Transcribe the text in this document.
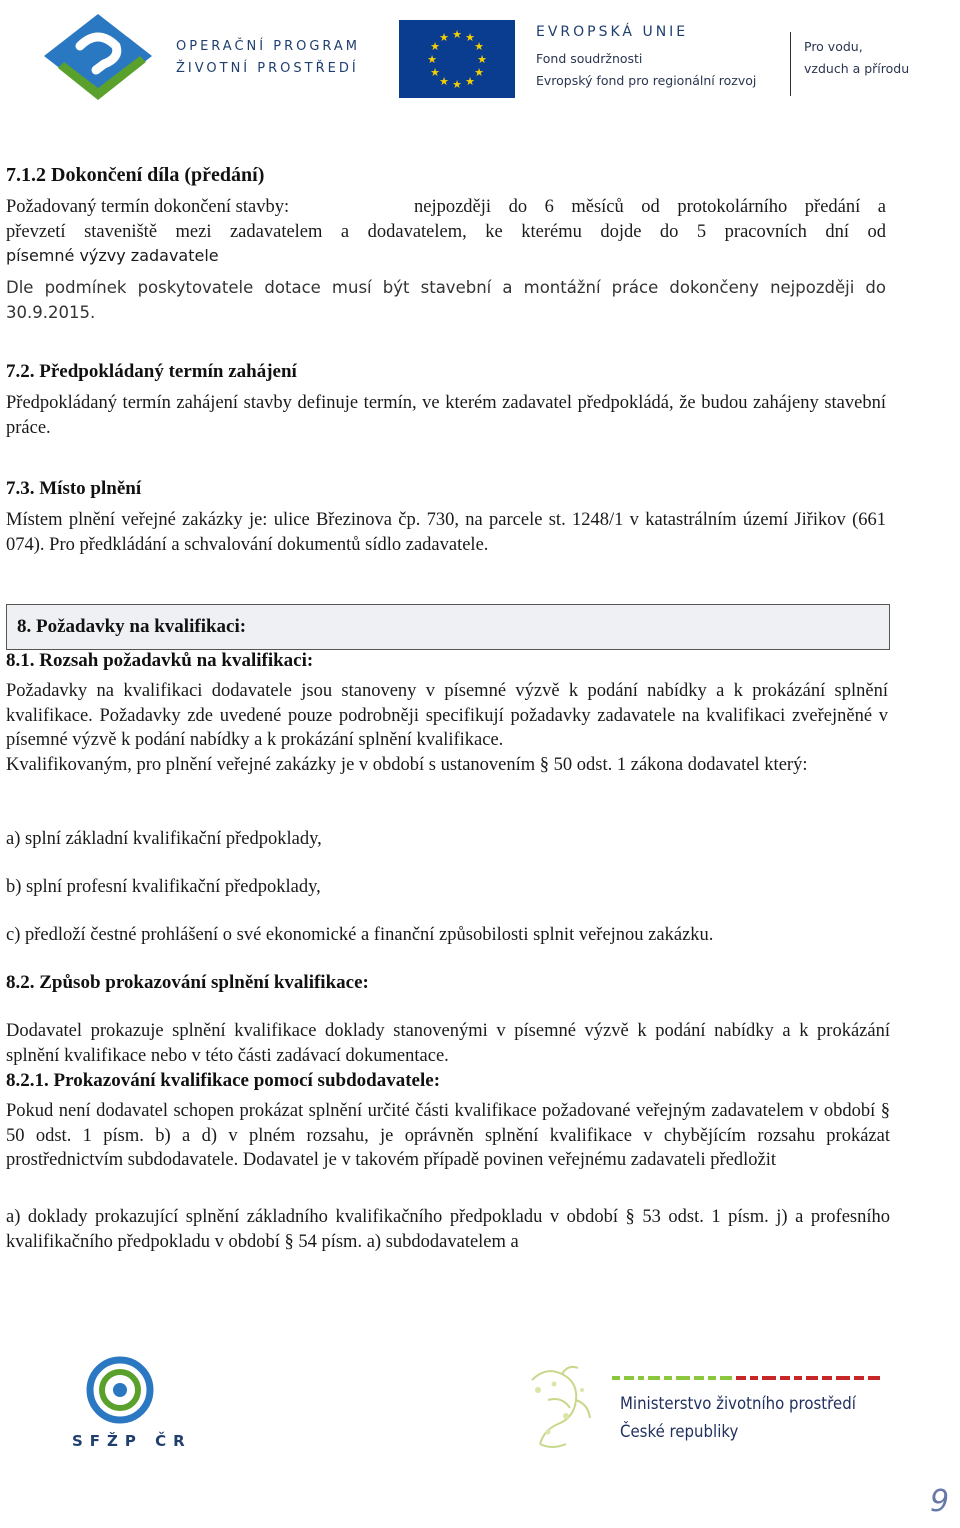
OPERAČNÍ PROGRAM
ŽIVOTNÍ PROSTŘEDÍ
★ ★
★
★
★
★
★
★
★
★
★
★	EVROPSKÁ UNIE
Fond soudržnosti
Evropský fond pro regionální rozvoj
Pro vodu,
vzduch a přírodu
7.1.2 Dokončení díla (předání)
Požadovaný termín dokončení stavby:	nejpozději do 6 měsíců od protokolárního předání a
převzetí staveniště mezi zadavatelem a dodavatelem, ke kterému dojde do 5 pracovních dní od
písemné výzvy zadavatele
Dle podmínek poskytovatele dotace musí být stavební a montážní práce dokončeny nejpozději do 30.9.2015.
7.2. Předpokládaný termín zahájení
Předpokládaný termín zahájení stavby definuje termín, ve kterém zadavatel předpokládá, že budou zahájeny stavební práce.
7.3. Místo plnění
Místem plnění veřejné zakázky je: ulice Březinova čp. 730, na parcele st. 1248/1 v katastrálním území Jiřikov (661 074). Pro předkládání a schvalování dokumentů sídlo zadavatele.
8. Požadavky na kvalifikaci:
8.1. Rozsah požadavků na kvalifikaci:
Požadavky na kvalifikaci dodavatele jsou stanoveny v písemné výzvě k podání nabídky a k prokázání splnění kvalifikace. Požadavky zde uvedené pouze podrobněji specifikují požadavky zadavatele na kvalifikaci zveřejněné v písemné výzvě k podání nabídky a k prokázání splnění kvalifikace.
Kvalifikovaným, pro plnění veřejné zakázky je v období s ustanovením § 50 odst. 1 zákona dodavatel který:
a) splní základní kvalifikační předpoklady,
b) splní profesní kvalifikační předpoklady,
c) předloží čestné prohlášení o své ekonomické a finanční způsobilosti splnit veřejnou zakázku.
8.2. Způsob prokazování splnění kvalifikace:
Dodavatel prokazuje splnění kvalifikace doklady stanovenými v písemné výzvě k podání nabídky a k prokázání splnění kvalifikace nebo v této části zadávací dokumentace.
8.2.1. Prokazování kvalifikace pomocí subdodavatele:
Pokud není dodavatel schopen prokázat splnění určité části kvalifikace požadované veřejným zadavatelem v období § 50 odst. 1 písm. b) a d) v plném rozsahu, je oprávněn splnění kvalifikace v chybějícím rozsahu prokázat prostřednictvím subdodavatele. Dodavatel je v takovém případě povinen veřejnému zadavateli předložit
a) doklady prokazující splnění základního kvalifikačního předpokladu v období § 53 odst. 1 písm. j) a profesního kvalifikačního předpokladu v období § 54 písm. a) subdodavatelem a
SFŽP ČR
Ministerstvo životního prostředí
České republiky
9
